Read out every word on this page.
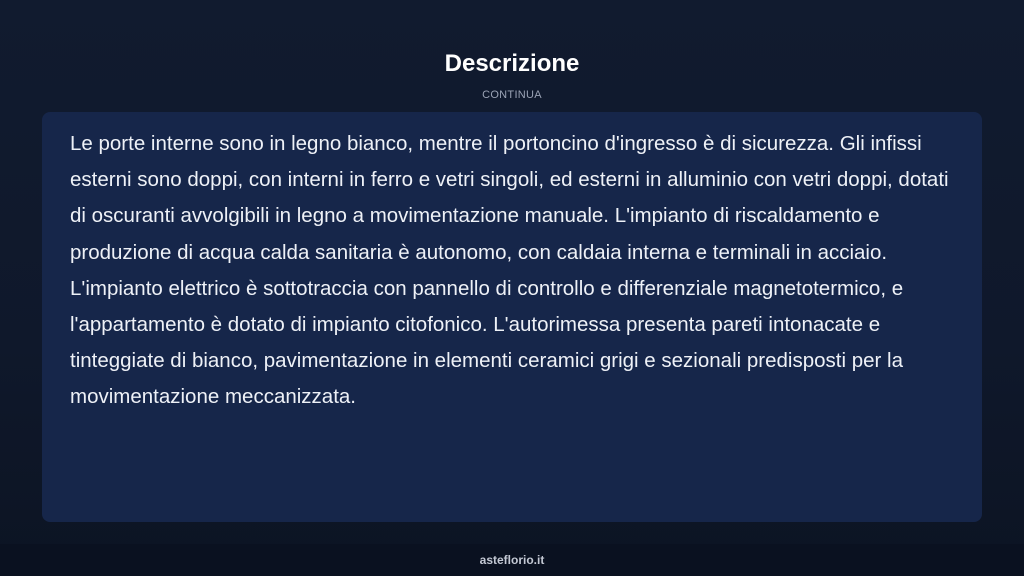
Descrizione
CONTINUA

Le porte interne sono in legno bianco, mentre il portoncino d'ingresso è di sicurezza. Gli infissi esterni sono doppi, con interni in ferro e vetri singoli, ed esterni in alluminio con vetri doppi, dotati di oscuranti avvolgibili in legno a movimentazione manuale. L'impianto di riscaldamento e produzione di acqua calda sanitaria è autonomo, con caldaia interna e terminali in acciaio. L'impianto elettrico è sottotraccia con pannello di controllo e differenziale magnetotermico, e l'appartamento è dotato di impianto citofonico. L'autorimessa presenta pareti intonacate e tinteggiate di bianco, pavimentazione in elementi ceramici grigi e sezionali predisposti per la movimentazione meccanizzata.

asteflorio.it
